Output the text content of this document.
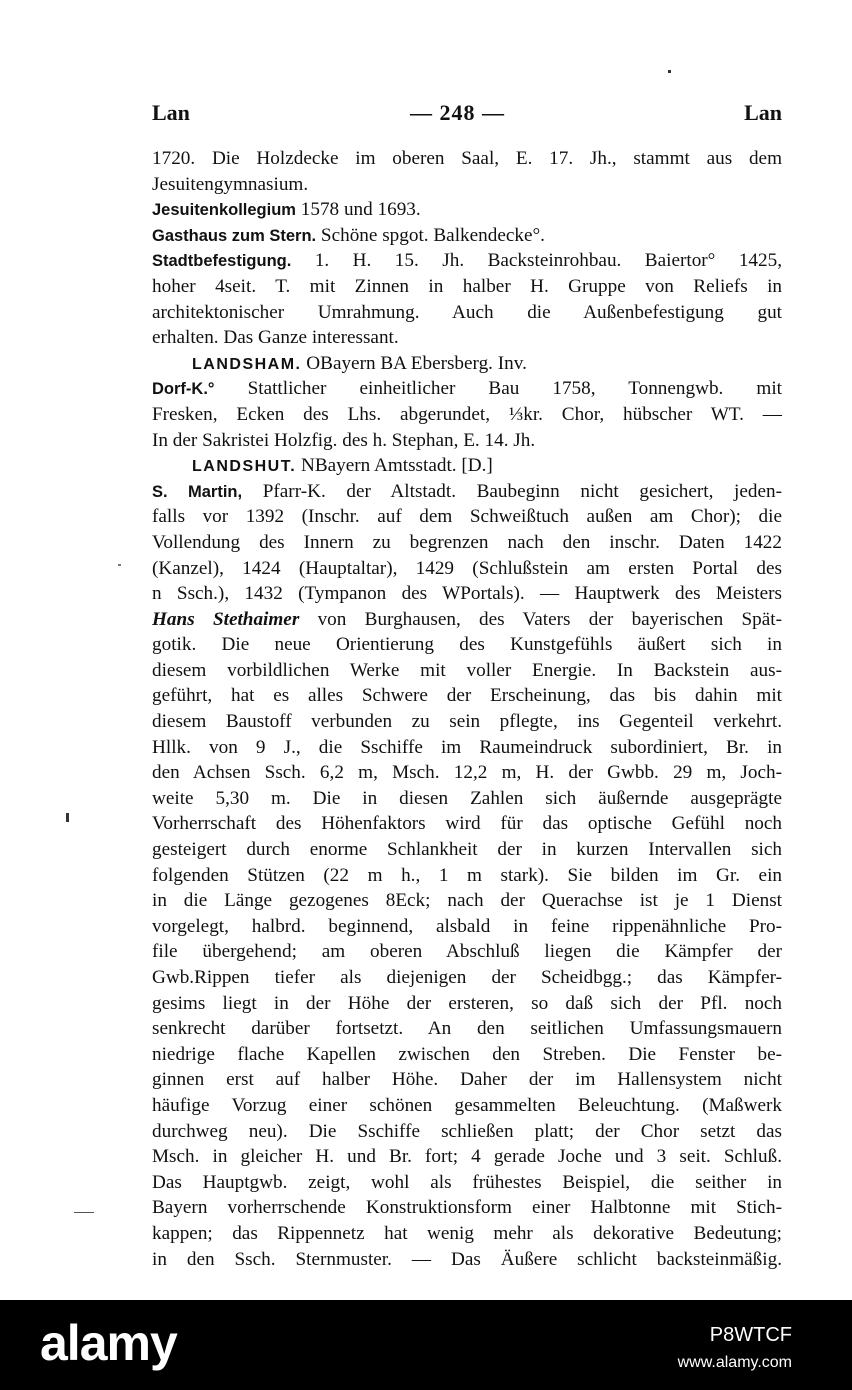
Lan	— 248 —	Lan
1720. Die Holzdecke im oberen Saal, E. 17. Jh., stammt aus dem
Jesuitengymnasium.
Jesuitenkollegium 1578 und 1693.
Gasthaus zum Stern. Schöne spgot. Balkendecke°.
Stadtbefestigung. 1. H. 15. Jh. Backsteinrohbau. Baiertor° 1425,
hoher 4seit. T. mit Zinnen in halber H. Gruppe von Reliefs in
architektonischer Umrahmung. Auch die Außenbefestigung gut
erhalten. Das Ganze interessant.
LANDSHAM. OBayern BA Ebersberg. Inv.
Dorf-K.° Stattlicher einheitlicher Bau 1758, Tonnengwb. mit
Fresken, Ecken des Lhs. abgerundet, ⅓kr. Chor, hübscher WT. —
In der Sakristei Holzfig. des h. Stephan, E. 14. Jh.
LANDSHUT. NBayern Amtsstadt. [D.]
S. Martin, Pfarr-K. der Altstadt. Baubeginn nicht gesichert, jeden-
falls vor 1392 (Inschr. auf dem Schweißtuch außen am Chor); die
Vollendung des Innern zu begrenzen nach den inschr. Daten 1422
(Kanzel), 1424 (Hauptaltar), 1429 (Schlußstein am ersten Portal des
n Ssch.), 1432 (Tympanon des WPortals). — Hauptwerk des Meisters
Hans Stethaimer von Burghausen, des Vaters der bayerischen Spät-
gotik. Die neue Orientierung des Kunstgefühls äußert sich in
diesem vorbildlichen Werke mit voller Energie. In Backstein aus-
geführt, hat es alles Schwere der Erscheinung, das bis dahin mit
diesem Baustoff verbunden zu sein pflegte, ins Gegenteil verkehrt.
Hllk. von 9 J., die Sschiffe im Raumeindruck subordiniert, Br. in
den Achsen Ssch. 6,2 m, Msch. 12,2 m, H. der Gwbb. 29 m, Joch-
weite 5,30 m. Die in diesen Zahlen sich äußernde ausgeprägte
Vorherrschaft des Höhenfaktors wird für das optische Gefühl noch
gesteigert durch enorme Schlankheit der in kurzen Intervallen sich
folgenden Stützen (22 m h., 1 m stark). Sie bilden im Gr. ein
in die Länge gezogenes 8Eck; nach der Querachse ist je 1 Dienst
vorgelegt, halbrd. beginnend, alsbald in feine rippenähnliche Pro-
file übergehend; am oberen Abschluß liegen die Kämpfer der
Gwb.Rippen tiefer als diejenigen der Scheidbgg.; das Kämpfer-
gesims liegt in der Höhe der ersteren, so daß sich der Pfl. noch
senkrecht darüber fortsetzt. An den seitlichen Umfassungsmauern
niedrige flache Kapellen zwischen den Streben. Die Fenster be-
ginnen erst auf halber Höhe. Daher der im Hallensystem nicht
häufige Vorzug einer schönen gesammelten Beleuchtung. (Maßwerk
durchweg neu). Die Sschiffe schließen platt; der Chor setzt das
Msch. in gleicher H. und Br. fort; 4 gerade Joche und 3 seit. Schluß.
Das Hauptgwb. zeigt, wohl als frühestes Beispiel, die seither in
Bayern vorherrschende Konstruktionsform einer Halbtonne mit Stich-
kappen; das Rippennetz hat wenig mehr als dekorative Bedeutung;
in den Ssch. Sternmuster. — Das Äußere schlicht backsteinmäßig.
alamy	P8WTCF
www.alamy.com
